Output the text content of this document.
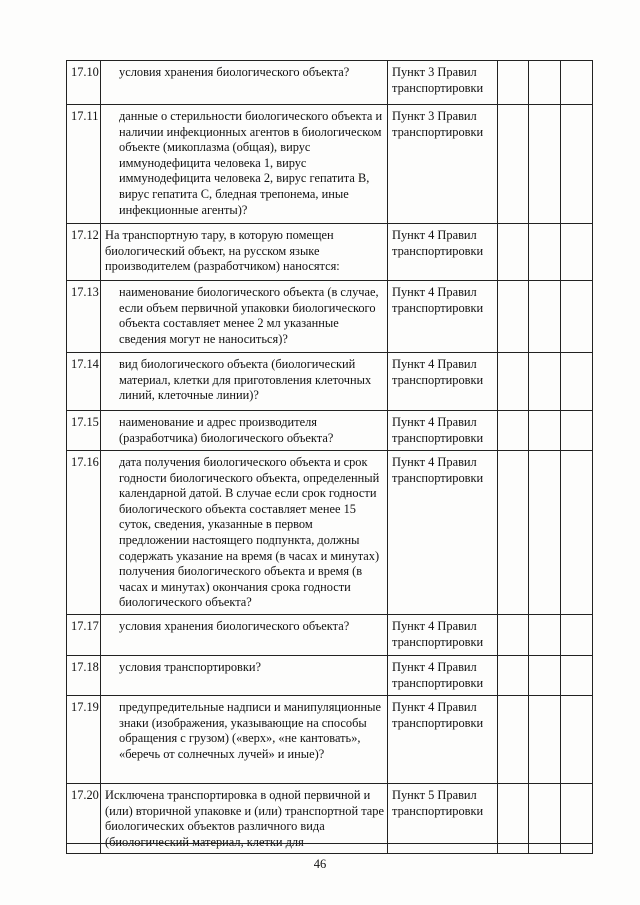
17.10	условия хранения биологического объекта?	Пункт 3 Правил транспортировки			
17.11	данные о стерильности биологического объекта и наличии инфекционных агентов в биологическом объекте (микоплазма (общая), вирус иммунодефицита человека 1, вирус иммунодефицита человека 2, вирус гепатита В, вирус гепатита С, бледная трепонема, иные инфекционные агенты)?	Пункт 3 Правил транспортировки			
17.12	На транспортную тару, в которую помещен биологический объект, на русском языке производителем (разработчиком) наносятся:	Пункт 4 Правил транспортировки			
17.13	наименование биологического объекта (в случае, если объем первичной упаковки биологического объекта составляет менее 2 мл указанные сведения могут не наноситься)?	Пункт 4 Правил транспортировки			
17.14	вид биологического объекта (биологический материал, клетки для приготовления клеточных линий, клеточные линии)?	Пункт 4 Правил транспортировки			
17.15	наименование и адрес производителя (разработчика) биологического объекта?	Пункт 4 Правил транспортировки			
17.16	дата получения биологического объекта и срок годности биологического объекта, определенный календарной датой. В случае если срок годности биологического объекта составляет менее 15 суток, сведения, указанные в первом предложении настоящего подпункта, должны содержать указание на время (в часах и минутах) получения биологического объекта и время (в часах и минутах) окончания срока годности биологического объекта?	Пункт 4 Правил транспортировки			
17.17	условия хранения биологического объекта?	Пункт 4 Правил транспортировки			
17.18	условия транспортировки?	Пункт 4 Правил транспортировки			
17.19	предупредительные надписи и манипуляционные знаки (изображения, указывающие на способы обращения с грузом) («верх», «не кантовать», «беречь от солнечных лучей» и иные)?	Пункт 4 Правил транспортировки			
17.20	Исключена транспортировка в одной первичной и (или) вторичной упаковке и (или) транспортной таре биологических объектов различного вида (биологический материал, клетки для	Пункт 5 Правил транспортировки			
46
